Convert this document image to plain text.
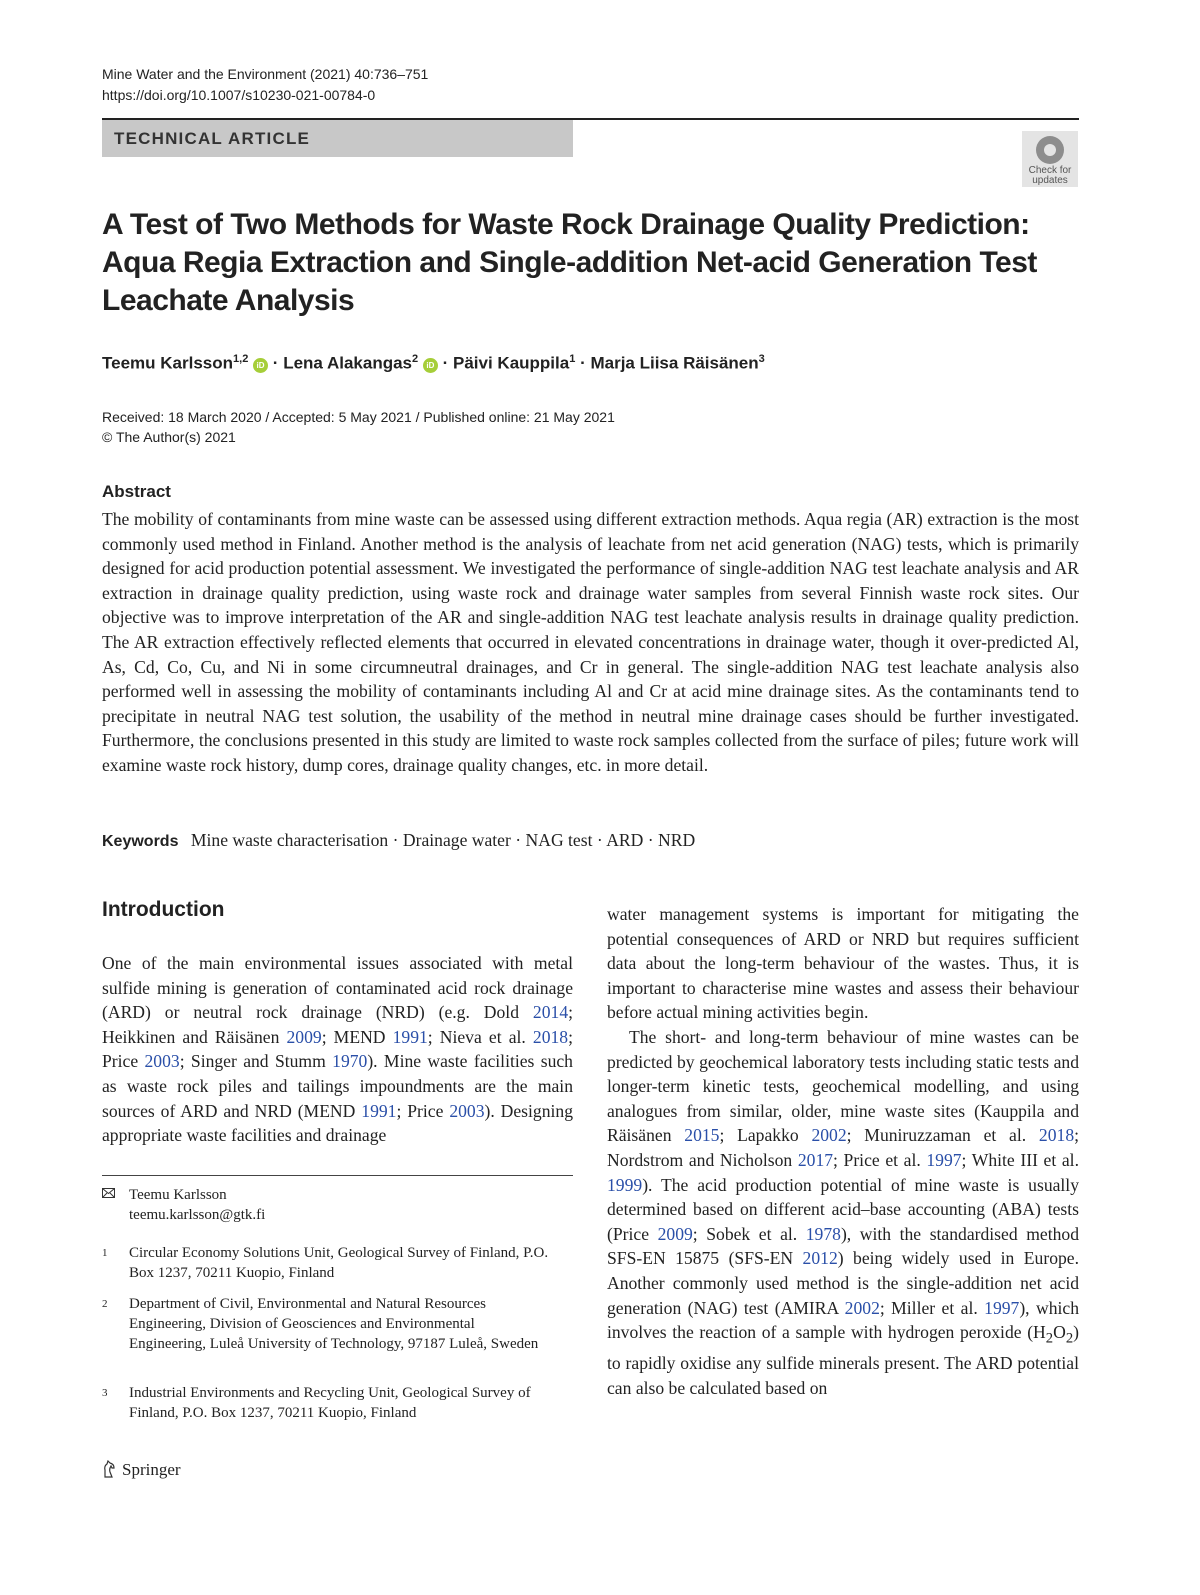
Mine Water and the Environment (2021) 40:736–751
https://doi.org/10.1007/s10230-021-00784-0
TECHNICAL ARTICLE
Check for
updates
A Test of Two Methods for Waste Rock Drainage Quality Prediction: Aqua Regia Extraction and Single-addition Net-acid Generation Test Leachate Analysis
Teemu Karlsson$^{1,2}$ iD · Lena Alakangas$^2$ iD · Päivi Kauppila$^1$ · Marja Liisa Räisänen$^3$
Received: 18 March 2020 / Accepted: 5 May 2021 / Published online: 21 May 2021
© The Author(s) 2021
Abstract
The mobility of contaminants from mine waste can be assessed using different extraction methods. Aqua regia (AR) extraction is the most commonly used method in Finland. Another method is the analysis of leachate from net acid generation (NAG) tests, which is primarily designed for acid production potential assessment. We investigated the performance of single-addition NAG test leachate analysis and AR extraction in drainage quality prediction, using waste rock and drainage water samples from several Finnish waste rock sites. Our objective was to improve interpretation of the AR and single-addition NAG test leachate analysis results in drainage quality prediction. The AR extraction effectively reflected elements that occurred in elevated concentrations in drainage water, though it over-predicted Al, As, Cd, Co, Cu, and Ni in some circumneutral drainages, and Cr in general. The single-addition NAG test leachate analysis also performed well in assessing the mobility of contaminants including Al and Cr at acid mine drainage sites. As the contaminants tend to precipitate in neutral NAG test solution, the usability of the method in neutral mine drainage cases should be further investigated. Furthermore, the conclusions presented in this study are limited to waste rock samples collected from the surface of piles; future work will examine waste rock history, dump cores, drainage quality changes, etc. in more detail.
Keywords Mine waste characterisation · Drainage water · NAG test · ARD · NRD
Introduction

One of the main environmental issues associated with metal sulfide mining is generation of contaminated acid rock drainage (ARD) or neutral rock drainage (NRD) (e.g. Dold 2014; Heikkinen and Räisänen 2009; MEND 1991; Nieva et al. 2018; Price 2003; Singer and Stumm 1970). Mine waste facilities such as waste rock piles and tailings impoundments are the main sources of ARD and NRD (MEND 1991; Price 2003). Designing appropriate waste facilities and drainage

water management systems is important for mitigating the potential consequences of ARD or NRD but requires sufficient data about the long-term behaviour of the wastes. Thus, it is important to characterise mine wastes and assess their behaviour before actual mining activities begin.

The short- and long-term behaviour of mine wastes can be predicted by geochemical laboratory tests including static tests and longer-term kinetic tests, geochemical modelling, and using analogues from similar, older, mine waste sites (Kauppila and Räisänen 2015; Lapakko 2002; Muniruzzaman et al. 2018; Nordstrom and Nicholson 2017; Price et al. 1997; White III et al. 1999). The acid production potential of mine waste is usually determined based on different acid–base accounting (ABA) tests (Price 2009; Sobek et al. 1978), with the standardised method SFS-EN 15875 (SFS-EN 2012) being widely used in Europe. Another commonly used method is the single-addition net acid generation (NAG) test (AMIRA 2002; Miller et al. 1997), which involves the reaction of a sample with hydrogen peroxide $(H_2O_2)$ to rapidly oxidise any sulfide minerals present. The ARD potential can also be calculated based on

Teemu Karlsson
teemu.karlsson@gtk.fi
1 Circular Economy Solutions Unit, Geological Survey of Finland, P.O. Box 1237, 70211 Kuopio, Finland
2 Department of Civil, Environmental and Natural Resources Engineering, Division of Geosciences and Environmental Engineering, Luleå University of Technology, 97187 Luleå, Sweden
3 Industrial Environments and Recycling Unit, Geological Survey of Finland, P.O. Box 1237, 70211 Kuopio, Finland
Springer
